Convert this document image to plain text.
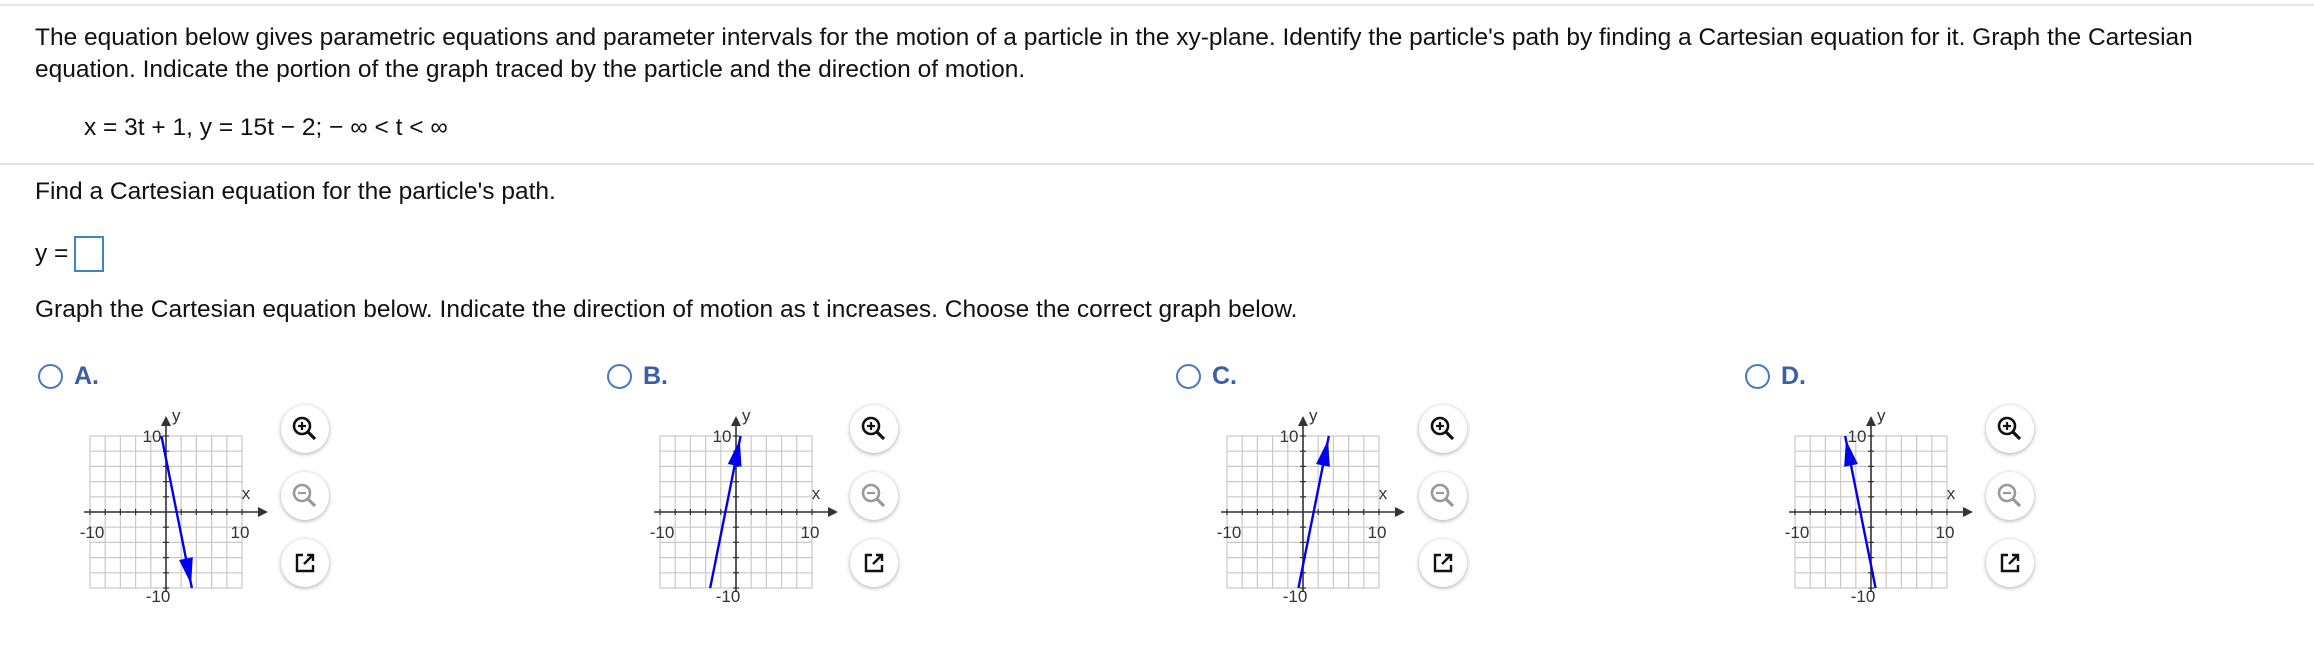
The equation below gives parametric equations and parameter intervals for the motion of a particle in the xy-plane. Identify the particle's path by finding a Cartesian equation for it. Graph the Cartesian equation. Indicate the portion of the graph traced by the particle and the direction of motion.
x = 3t + 1, y = 15t − 2; − ∞ < t < ∞
Find a Cartesian equation for the particle's path.
y =
Graph the Cartesian equation below. Indicate the direction of motion as t increases. Choose the correct graph below.
A.
y
x
-10	10
10
-10
B.
y
x
-10	10
10
-10
C.
y
x
-10	10
10
-10
D.
y
x
-10	10
10
-10
